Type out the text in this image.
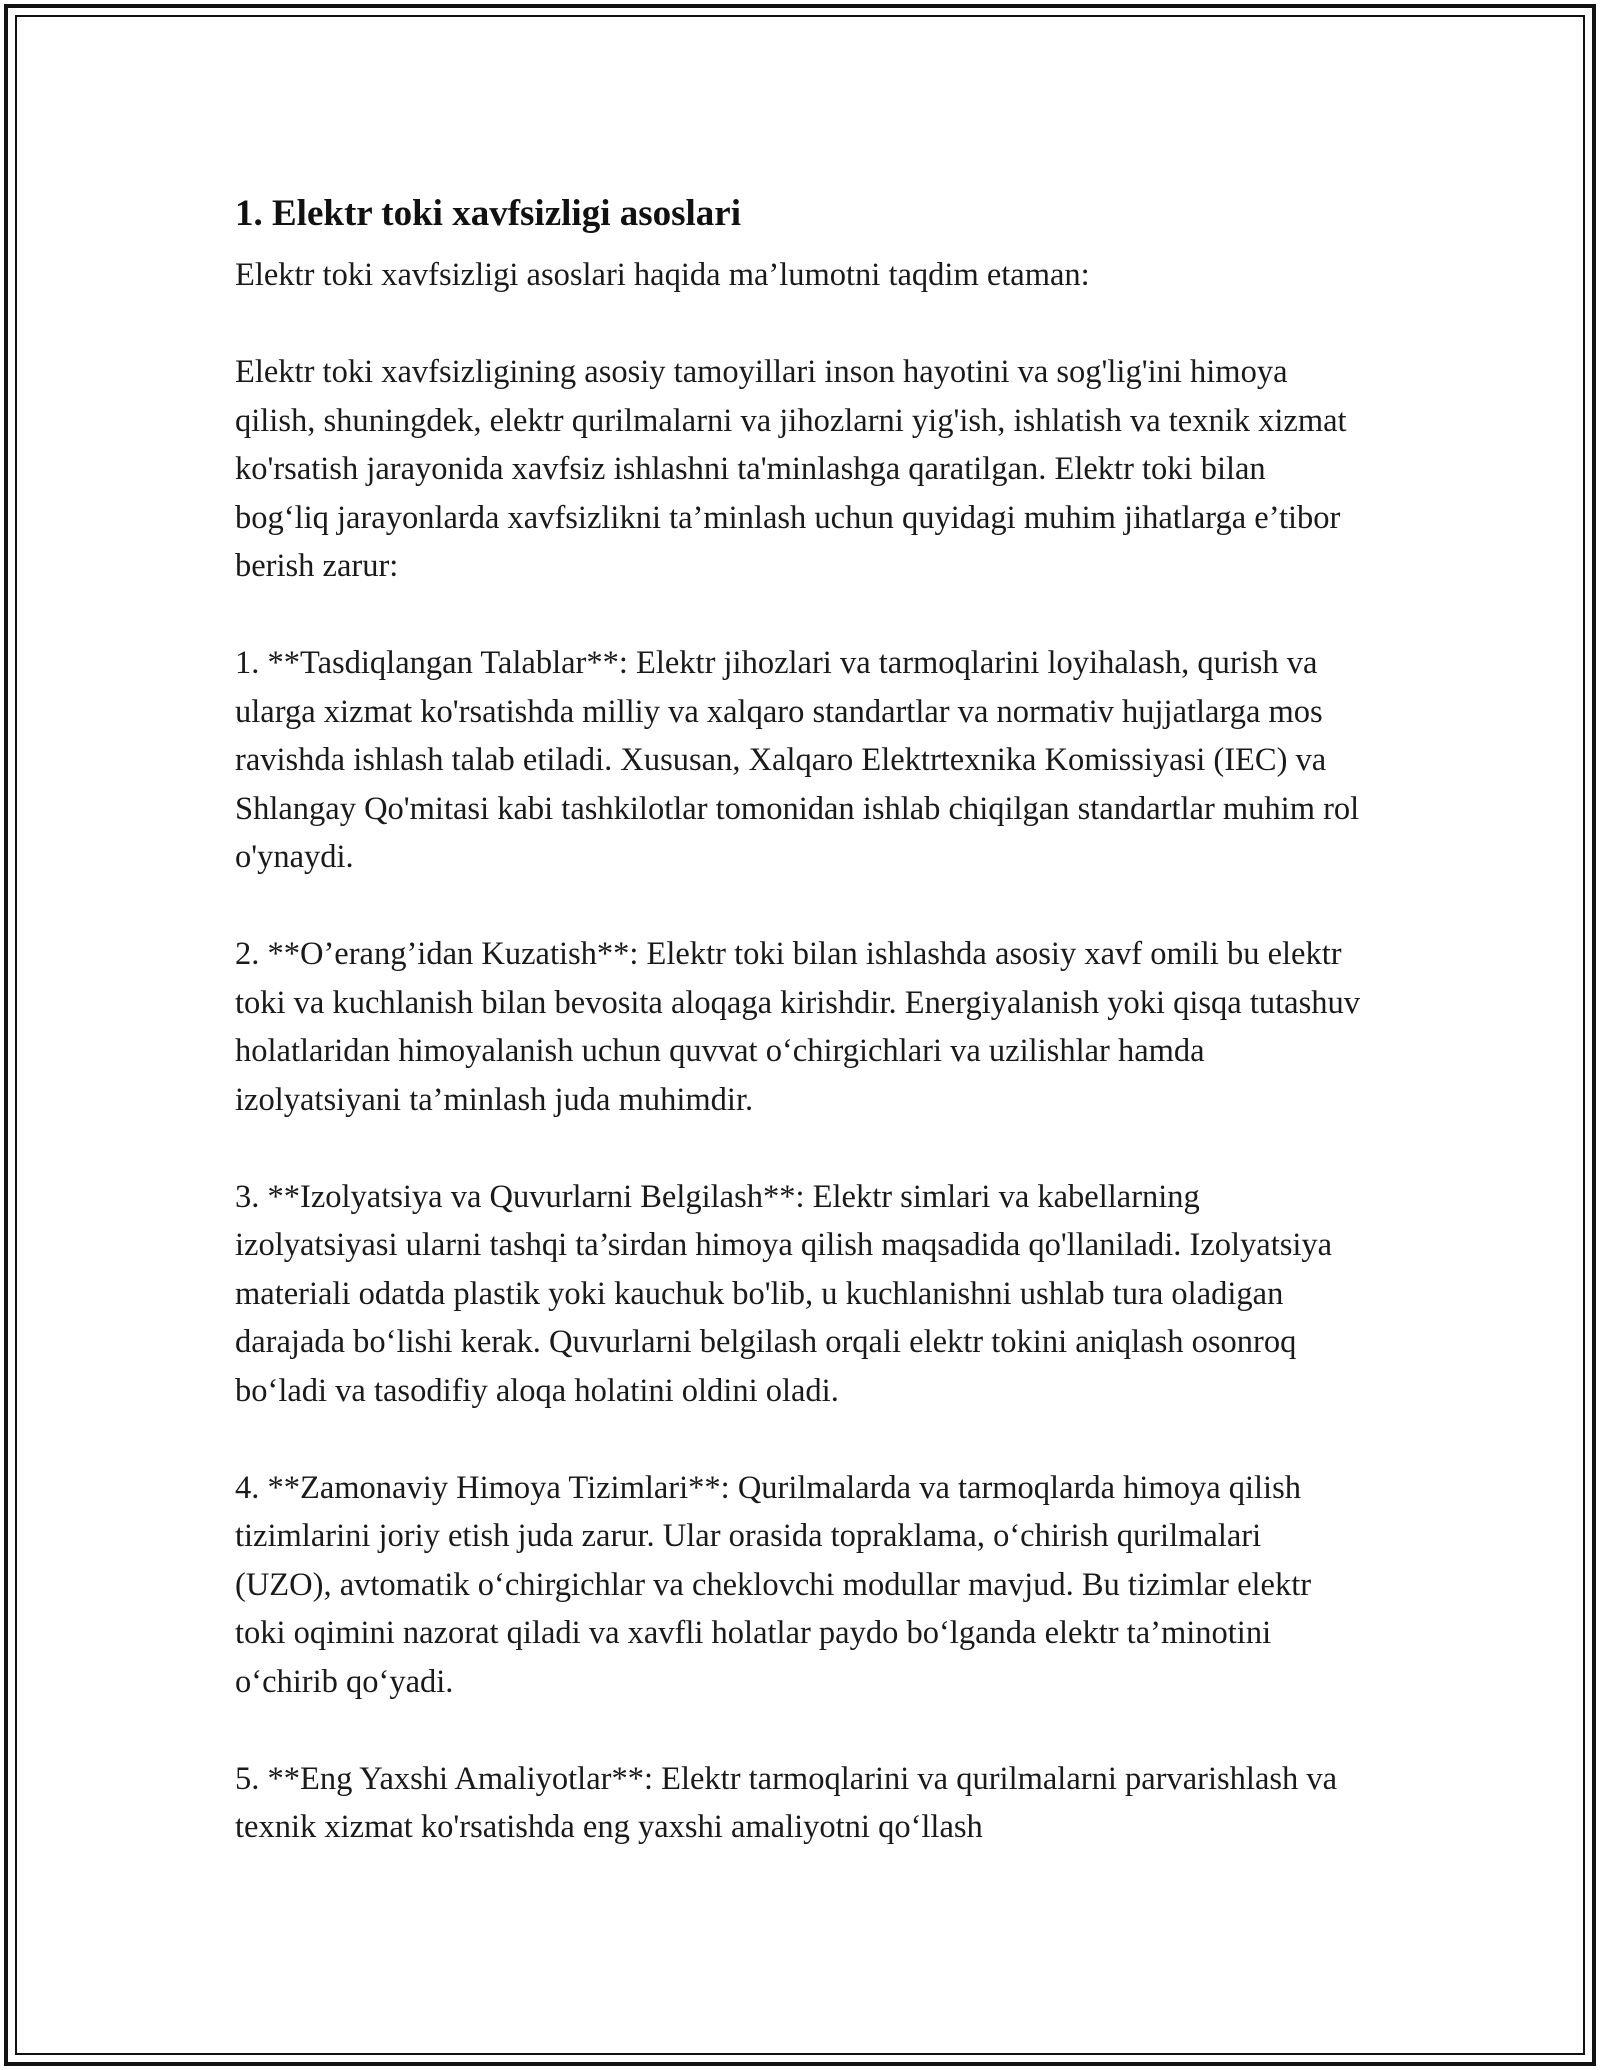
1. Elektr toki xavfsizligi asoslari

Elektr toki xavfsizligi asoslari haqida ma’lumotni taqdim etaman:

Elektr toki xavfsizligining asosiy tamoyillari inson hayotini va sog'lig'ini himoya qilish, shuningdek, elektr qurilmalarni va jihozlarni yig'ish, ishlatish va texnik xizmat ko'rsatish jarayonida xavfsiz ishlashni ta'minlashga qaratilgan. Elektr toki bilan bog‘liq jarayonlarda xavfsizlikni ta’minlash uchun quyidagi muhim jihatlarga e’tibor berish zarur:

1. **Tasdiqlangan Talablar**: Elektr jihozlari va tarmoqlarini loyihalash, qurish va ularga xizmat ko'rsatishda milliy va xalqaro standartlar va normativ hujjatlarga mos ravishda ishlash talab etiladi. Xususan, Xalqaro Elektrtexnika Komissiyasi (IEC) va Shlangay Qo'mitasi kabi tashkilotlar tomonidan ishlab chiqilgan standartlar muhim rol o'ynaydi.

2. **O’erang’idan Kuzatish**: Elektr toki bilan ishlashda asosiy xavf omili bu elektr toki va kuchlanish bilan bevosita aloqaga kirishdir. Energiyalanish yoki qisqa tutashuv holatlaridan himoyalanish uchun quvvat o‘chirgichlari va uzilishlar hamda izolyatsiyani ta’minlash juda muhimdir.

3. **Izolyatsiya va Quvurlarni Belgilash**: Elektr simlari va kabellarning izolyatsiyasi ularni tashqi ta’sirdan himoya qilish maqsadida qo'llaniladi. Izolyatsiya materiali odatda plastik yoki kauchuk bo'lib, u kuchlanishni ushlab tura oladigan darajada bo‘lishi kerak. Quvurlarni belgilash orqali elektr tokini aniqlash osonroq bo‘ladi va tasodifiy aloqa holatini oldini oladi.

4. **Zamonaviy Himoya Tizimlari**: Qurilmalarda va tarmoqlarda himoya qilish tizimlarini joriy etish juda zarur. Ular orasida topraklama, o‘chirish qurilmalari (UZO), avtomatik o‘chirgichlar va cheklovchi modullar mavjud. Bu tizimlar elektr toki oqimini nazorat qiladi va xavfli holatlar paydo bo‘lganda elektr ta’minotini o‘chirib qo‘yadi.

5. **Eng Yaxshi Amaliyotlar**: Elektr tarmoqlarini va qurilmalarni parvarishlash va texnik xizmat ko'rsatishda eng yaxshi amaliyotni qo‘llash
